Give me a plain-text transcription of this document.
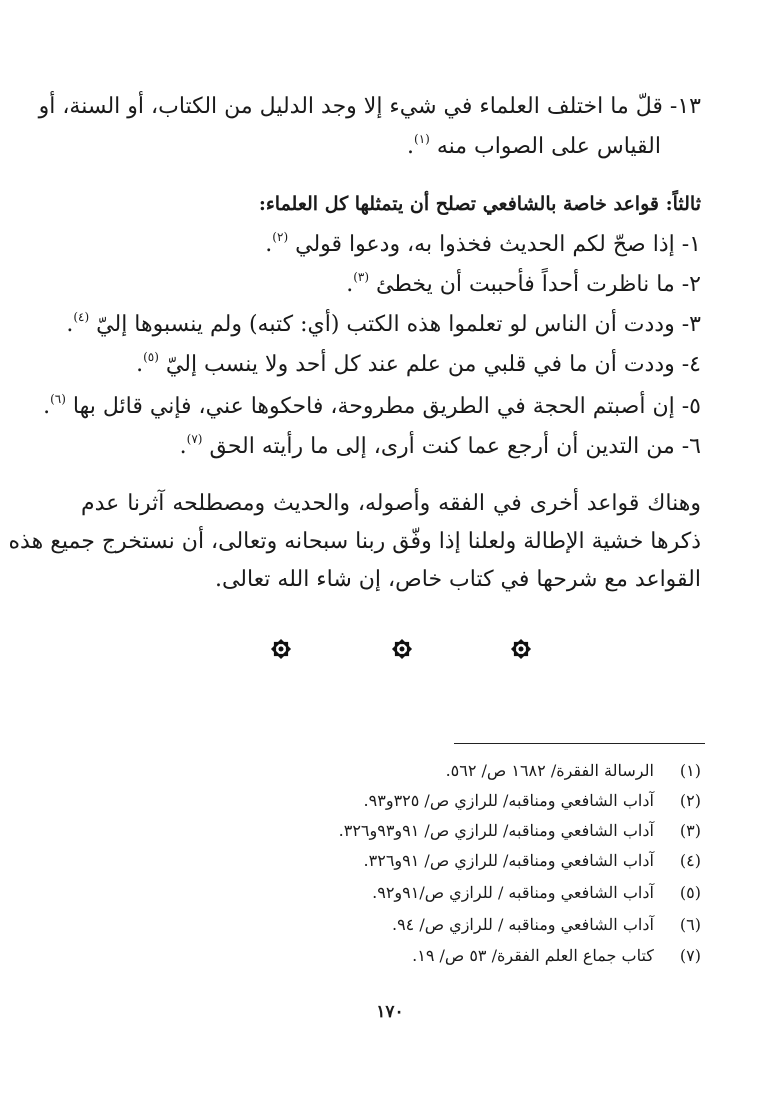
١٣- قلّ ما اختلف العلماء في شيء إلا وجد الدليل من الكتاب، أو السنة، أو
القياس على الصواب منه $^{(١)}$.
ثالثاً: قواعد خاصة بالشافعي تصلح أن يتمثلها كل العلماء:
١- إذا صحّ لكم الحديث فخذوا به، ودعوا قولي $^{(٢)}$.
٢- ما ناظرت أحداً فأحببت أن يخطئ $^{(٣)}$.
٣- وددت أن الناس لو تعلموا هذه الكتب (أي: كتبه) ولم ينسبوها إليّ $^{(٤)}$.
٤- وددت أن ما في قلبي من علم عند كل أحد ولا ينسب إليّ $^{(٥)}$.
٥- إن أصبتم الحجة في الطريق مطروحة، فاحكوها عني، فإني قائل بها $^{(٦)}$.
٦- من التدين أن أرجع عما كنت أرى، إلى ما رأيته الحق $^{(٧)}$.
وهناك قواعد أخرى في الفقه وأصوله، والحديث ومصطلحه آثرنا عدم
ذكرها خشية الإطالة ولعلنا إذا وفّق ربنا سبحانه وتعالى، أن نستخرج جميع هذه
القواعد مع شرحها في كتاب خاص، إن شاء الله تعالى.
(١) الرسالة الفقرة/ ١٦٨٢ ص/ ٥٦٢.
(٢) آداب الشافعي ومناقبه/ للرازي ص/ ٣٢٥و٩٣.
(٣) آداب الشافعي ومناقبه/ للرازي ص/ ٩١و٩٣و٣٢٦.
(٤) آداب الشافعي ومناقبه/ للرازي ص/ ٩١و٣٢٦.
(٥) آداب الشافعي ومناقبه / للرازي ص/٩١و٩٢.
(٦) آداب الشافعي ومناقبه / للرازي ص/ ٩٤.
(٧) كتاب جماع العلم الفقرة/ ٥٣ ص/ ١٩.
١٧٠
